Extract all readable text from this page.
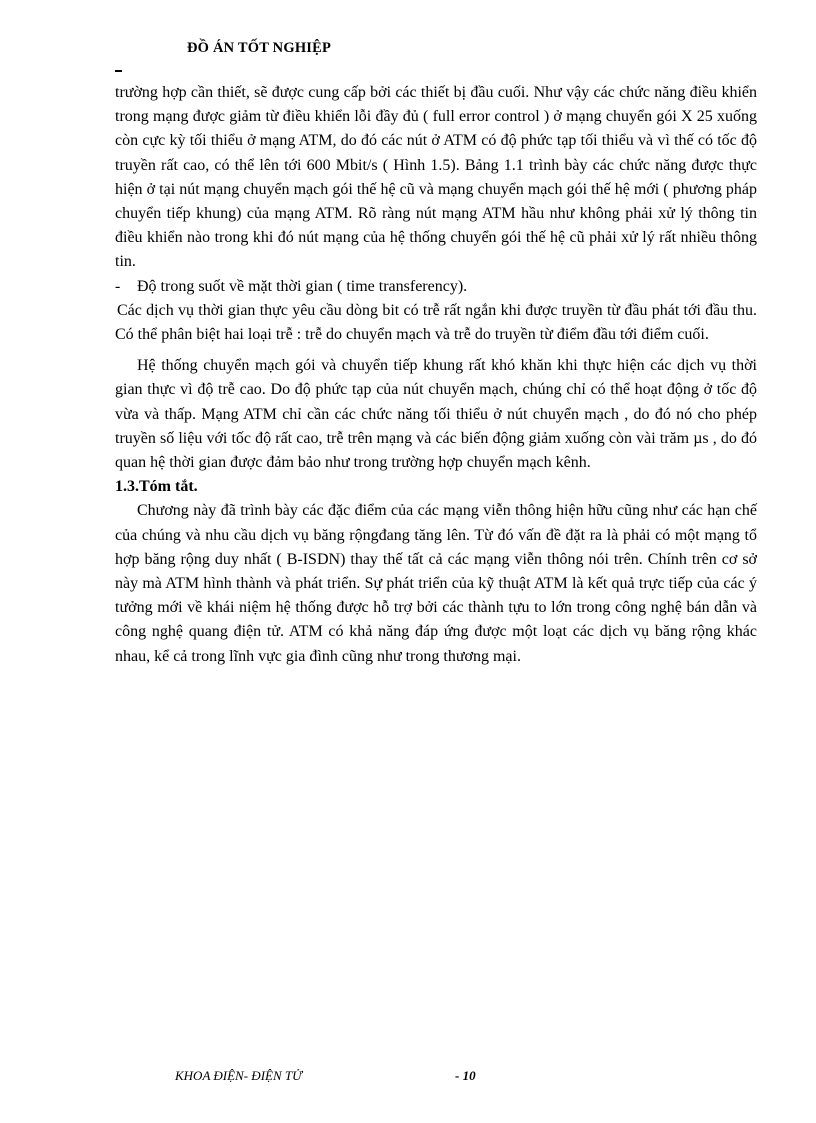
ĐỒ ÁN TỐT NGHIỆP

trường hợp cần thiết, sẽ được cung cấp bởi các thiết bị đầu cuối. Như vậy các chức năng điều khiển trong mạng được giảm từ điều khiển lỗi đầy đủ ( full error control ) ở mạng chuyển gói X 25 xuống còn cực kỳ tối thiểu ở mạng ATM, do đó các nút ở ATM có độ phức tạp tối thiểu và vì thế có tốc độ truyền rất cao, có thể lên tới 600 Mbit/s ( Hình 1.5). Bảng 1.1 trình bày các chức năng được thực hiện ở tại nút mạng chuyển mạch gói thế hệ cũ và mạng chuyển mạch gói thế hệ mới ( phương pháp chuyển tiếp khung) của mạng ATM. Rõ ràng nút mạng ATM hầu như không phải xử lý thông tin điều khiển nào trong khi đó nút mạng của hệ thống chuyển gói thế hệ cũ phải xử lý rất nhiều thông tin.

- Độ trong suốt về mặt thời gian ( time transferency).

Các dịch vụ thời gian thực yêu cầu dòng bit có trễ rất ngắn khi được truyền từ đầu phát tới đầu thu. Có thể phân biệt hai loại trễ : trễ do chuyển mạch và trễ do truyền từ điểm đầu tới điểm cuối.

Hệ thống chuyển mạch gói và chuyển tiếp khung rất khó khăn khi thực hiện các dịch vụ thời gian thực vì độ trễ cao. Do độ phức tạp của nút chuyển mạch, chúng chỉ có thể hoạt động ở tốc độ vừa và thấp. Mạng ATM chỉ cần các chức năng tối thiểu ở nút chuyển mạch , do đó nó cho phép truyền số liệu với tốc độ rất cao, trễ trên mạng và các biến động giảm xuống còn vài trăm µs , do đó quan hệ thời gian được đảm bảo như trong trường hợp chuyển mạch kênh.

1.3.Tóm tắt.

Chương này đã trình bày các đặc điểm của các mạng viễn thông hiện hữu cũng như các hạn chế của chúng và nhu cầu dịch vụ băng rộngđang tăng lên. Từ đó vấn đề đặt ra là phải có một mạng tổ hợp băng rộng duy nhất ( B-ISDN) thay thế tất cả các mạng viễn thông nói trên. Chính trên cơ sở này mà ATM hình thành và phát triển. Sự phát triển của kỹ thuật ATM là kết quả trực tiếp của các ý tưởng mới về khái niệm hệ thống được hỗ trợ bởi các thành tựu to lớn trong công nghệ bán dẫn và công nghệ quang điện tử. ATM có khả năng đáp ứng được một loạt các dịch vụ băng rộng khác nhau, kể cả trong lĩnh vực gia đình cũng như trong thương mại.

KHOA ĐIỆN- ĐIỆN TỬ	- 10
